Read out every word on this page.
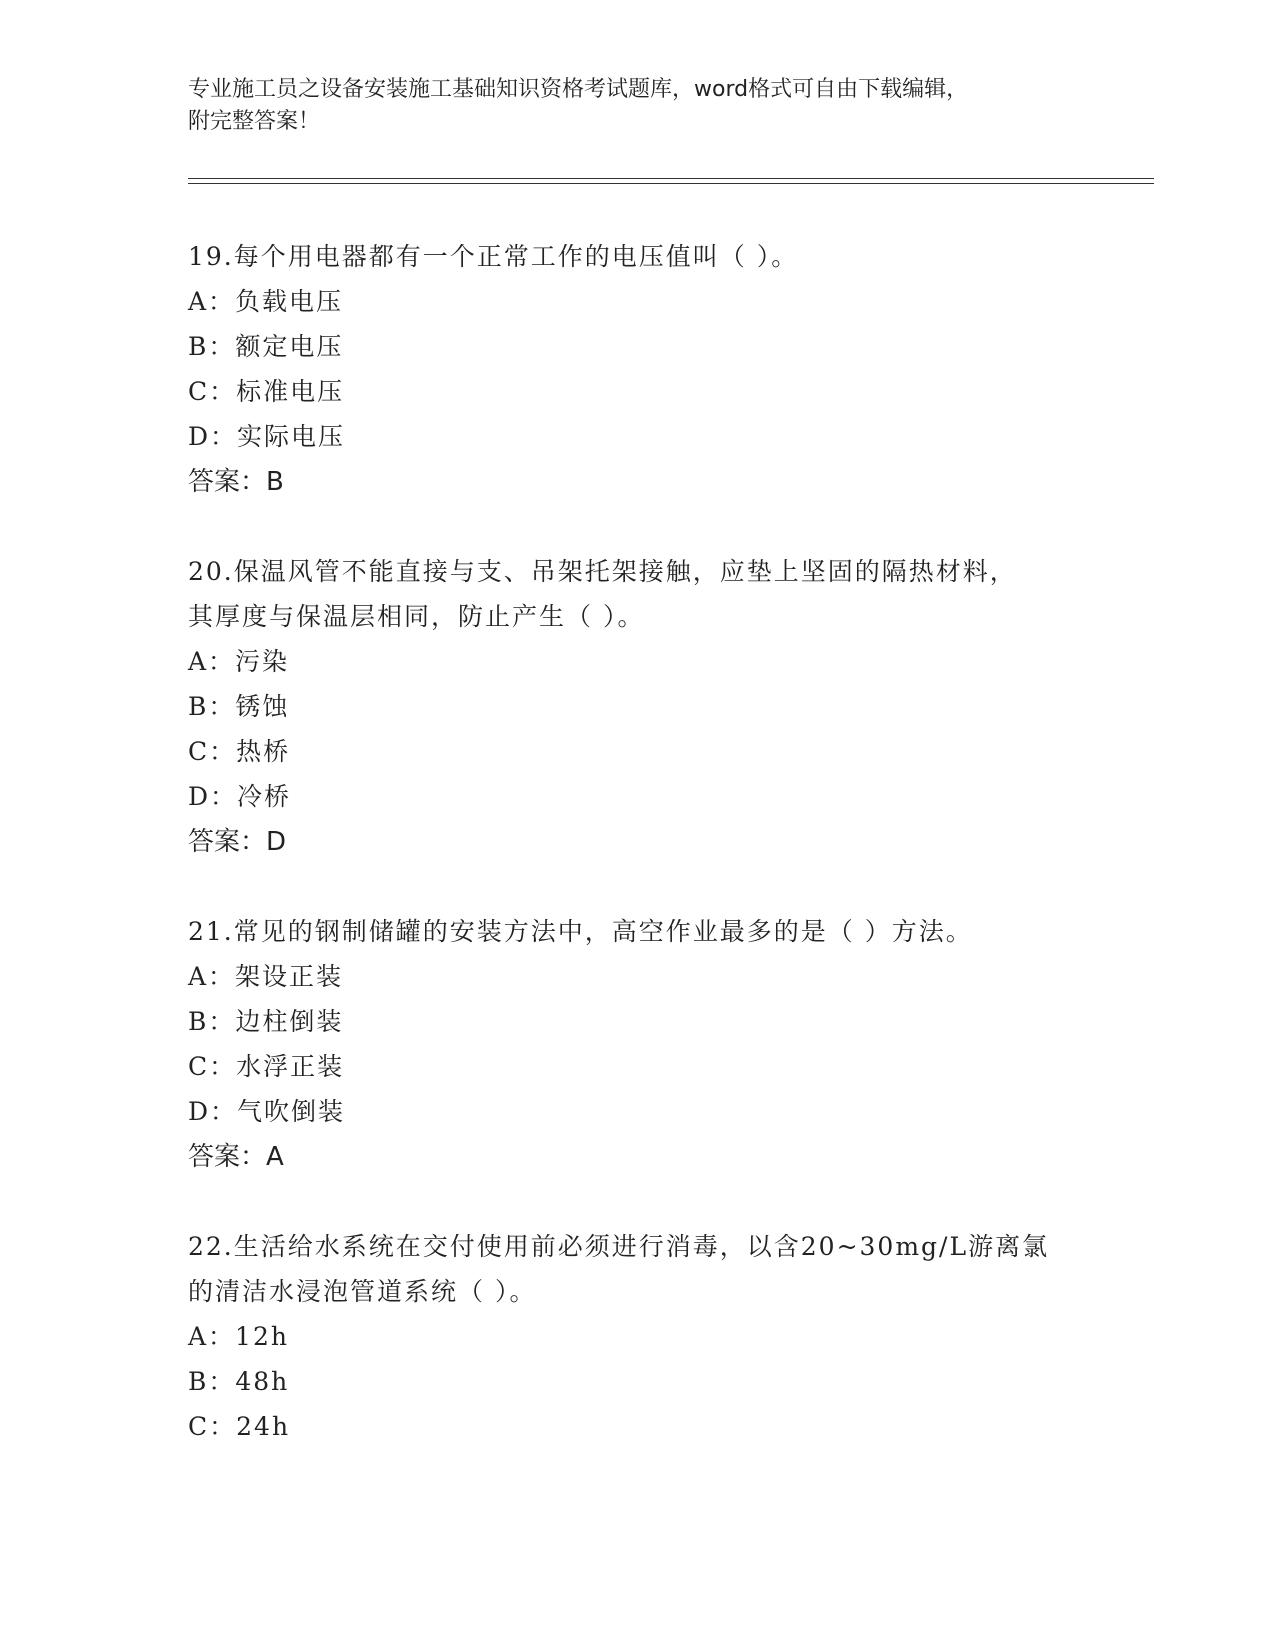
专业施工员之设备安装施工基础知识资格考试题库，word格式可自由下载编辑，
附完整答案！
19.每个用电器都有一个正常工作的电压值叫（ ）。
A：负载电压
B：额定电压
C：标准电压
D：实际电压
答案：B
20.保温风管不能直接与支、吊架托架接触，应垫上坚固的隔热材料，
其厚度与保温层相同，防止产生（ ）。
A：污染
B：锈蚀
C：热桥
D：冷桥
答案：D
21.常见的钢制储罐的安装方法中，高空作业最多的是（ ）方法。
A：架设正装
B：边柱倒装
C：水浮正装
D：气吹倒装
答案：A
22.生活给水系统在交付使用前必须进行消毒，以含20~30mg/L游离氯
的清洁水浸泡管道系统（ ）。
A：12h
B：48h
C：24h
